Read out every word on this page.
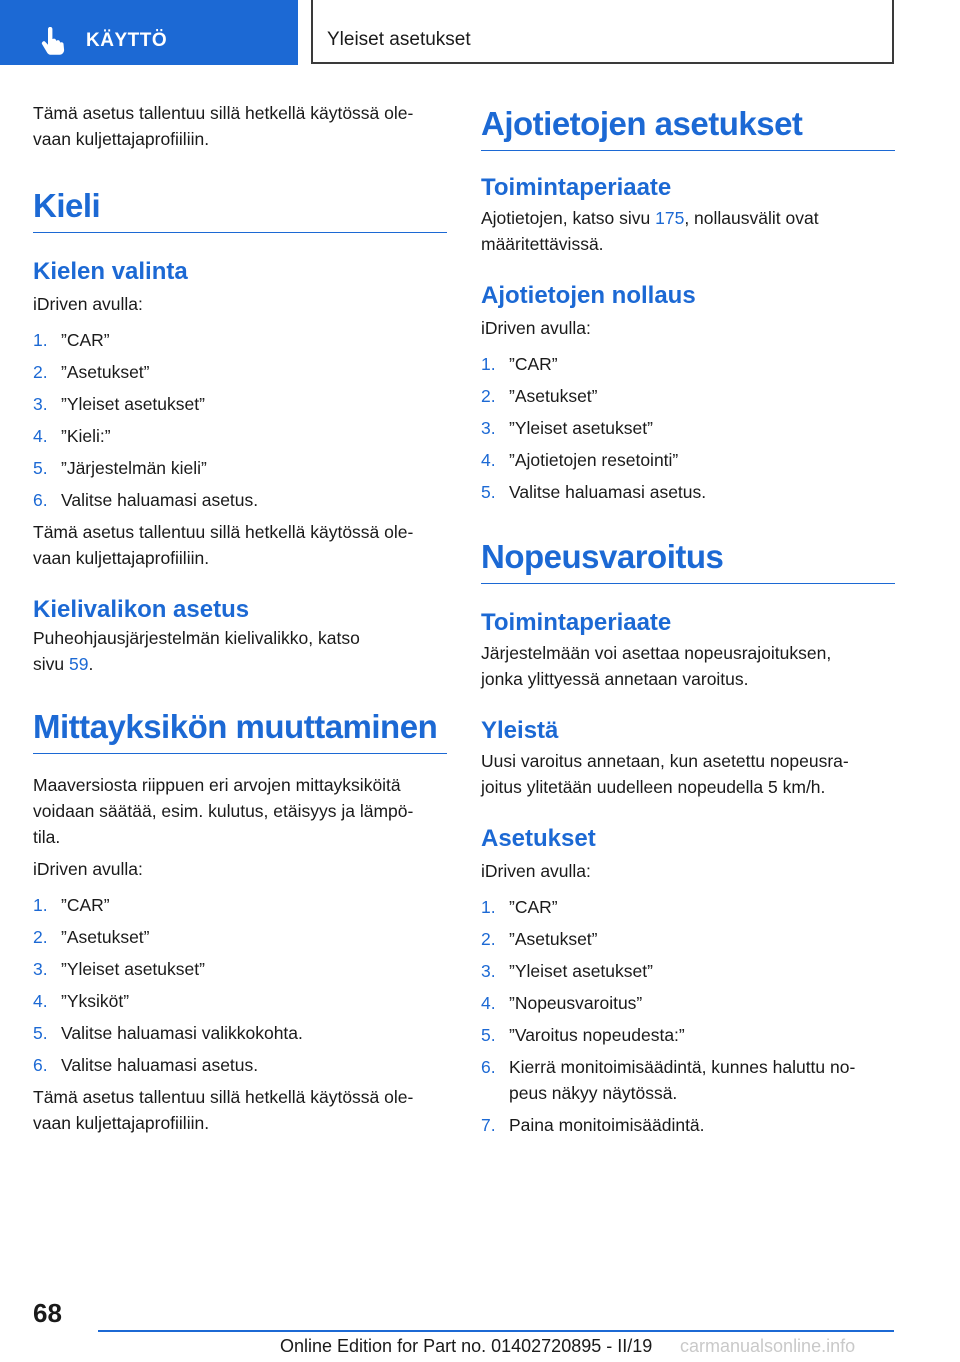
KÄYTTÖ	Yleiset asetukset

Tämä asetus tallentuu sillä hetkellä käytössä ole-
vaan kuljettajaprofiiliin.

Kieli
Kielen valinta

iDriven avulla:

1. ”CAR”
2. ”Asetukset”
3. ”Yleiset asetukset”
4. ”Kieli:”
5. ”Järjestelmän kieli”
6. Valitse haluamasi asetus.

Tämä asetus tallentuu sillä hetkellä käytössä ole-
vaan kuljettajaprofiiliin.

Kielivalikon asetus

Puheohjausjärjestelmän kielivalikko, katso
sivu 59.

Mittayksikön muuttaminen

Maaversiosta riippuen eri arvojen mittayksiköitä
voidaan säätää, esim. kulutus, etäisyys ja lämpö-
tila.

iDriven avulla:

1. ”CAR”
2. ”Asetukset”
3. ”Yleiset asetukset”
4. ”Yksiköt”
5. Valitse haluamasi valikkokohta.
6. Valitse haluamasi asetus.

Tämä asetus tallentuu sillä hetkellä käytössä ole-
vaan kuljettajaprofiiliin.

Ajotietojen asetukset
Toimintaperiaate

Ajotietojen, katso sivu 175, nollausvälit ovat
määritettävissä.

Ajotietojen nollaus

iDriven avulla:

1. ”CAR”
2. ”Asetukset”
3. ”Yleiset asetukset”
4. ”Ajotietojen resetointi”
5. Valitse haluamasi asetus.
Nopeusvaroitus
Toimintaperiaate

Järjestelmään voi asettaa nopeusrajoituksen,
jonka ylittyessä annetaan varoitus.

Yleistä

Uusi varoitus annetaan, kun asetettu nopeusra-
joitus ylitetään uudelleen nopeudella 5 km/h.

Asetukset

iDriven avulla:

1. ”CAR”
2. ”Asetukset”
3. ”Yleiset asetukset”
4. ”Nopeusvaroitus”
5. ”Varoitus nopeudesta:”
6. Kierrä monitoimisäädintä, kunnes haluttu no-
peus näkyy näytössä.
7. Paina monitoimisäädintä.
68
Online Edition for Part no. 01402720895 - II/19 carmanualsonline.info
